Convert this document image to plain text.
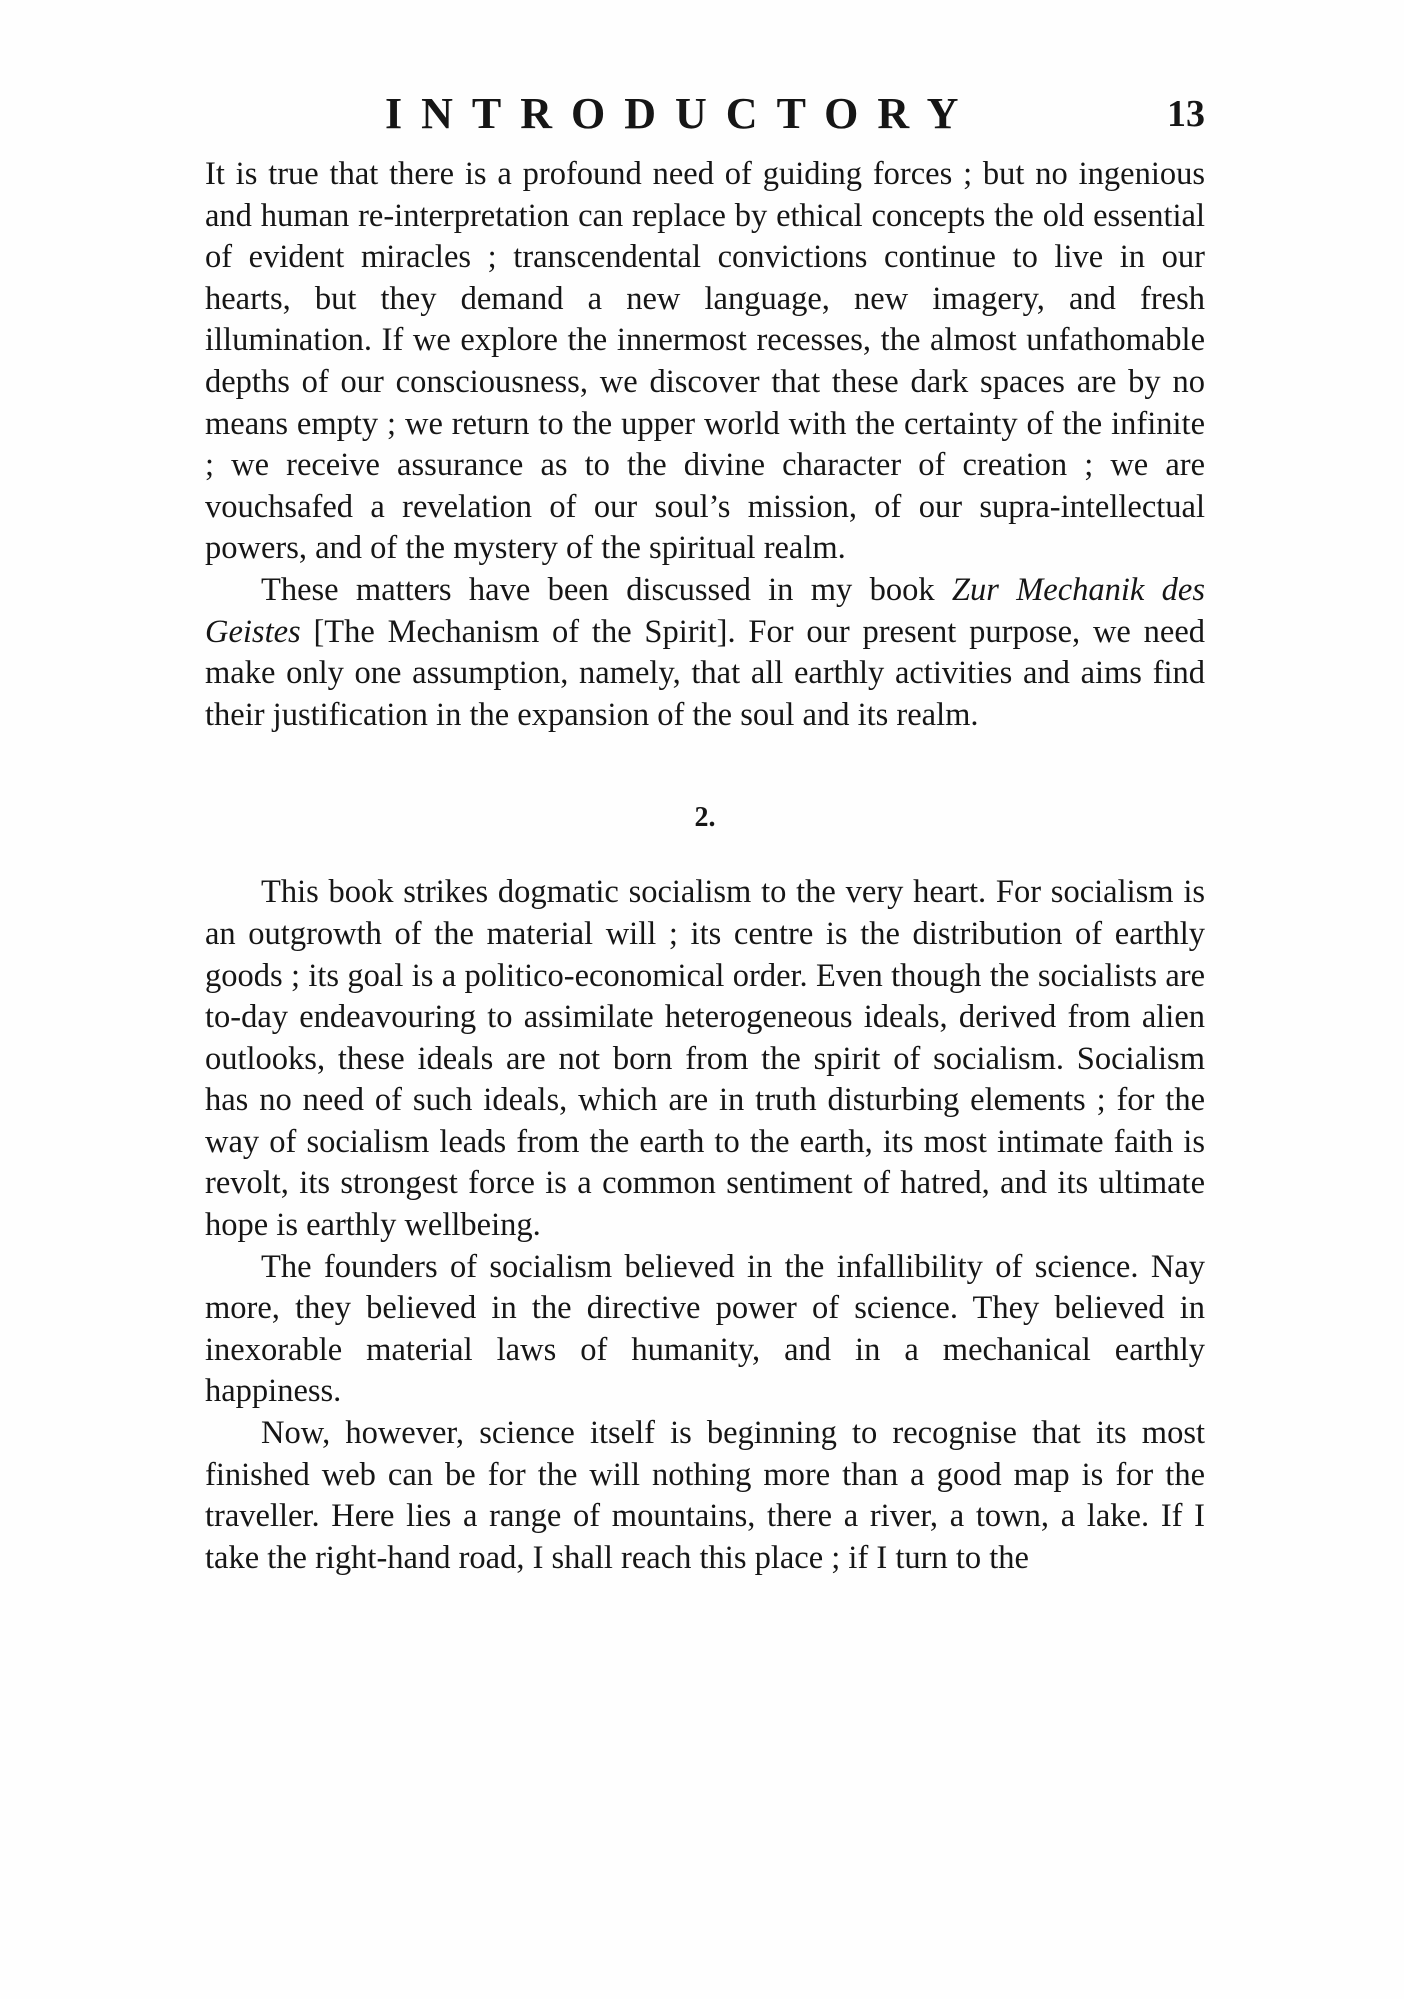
INTRODUCTORY	13

It is true that there is a profound need of guiding forces ; but no ingenious and human re-interpretation can replace by ethical concepts the old essential of evident miracles ; transcendental convictions continue to live in our hearts, but they demand a new language, new imagery, and fresh illumination. If we explore the innermost recesses, the almost unfathomable depths of our consciousness, we discover that these dark spaces are by no means empty ; we return to the upper world with the certainty of the infinite ; we receive assurance as to the divine character of creation ; we are vouchsafed a revelation of our soul’s mission, of our supra-intellectual powers, and of the mystery of the spiritual realm.

These matters have been discussed in my book Zur Mechanik des Geistes [The Mechanism of the Spirit]. For our present purpose, we need make only one assumption, namely, that all earthly activities and aims find their justification in the expansion of the soul and its realm.

2.

This book strikes dogmatic socialism to the very heart. For socialism is an outgrowth of the material will ; its centre is the distribution of earthly goods ; its goal is a politico-economical order. Even though the socialists are to-day endeavouring to assimilate heterogeneous ideals, derived from alien outlooks, these ideals are not born from the spirit of socialism. Socialism has no need of such ideals, which are in truth disturbing elements ; for the way of socialism leads from the earth to the earth, its most intimate faith is revolt, its strongest force is a common sentiment of hatred, and its ultimate hope is earthly wellbeing.

The founders of socialism believed in the infallibility of science. Nay more, they believed in the directive power of science. They believed in inexorable material laws of humanity, and in a mechanical earthly happiness.

Now, however, science itself is beginning to recognise that its most finished web can be for the will nothing more than a good map is for the traveller. Here lies a range of mountains, there a river, a town, a lake. If I take the right-hand road, I shall reach this place ; if I turn to the
